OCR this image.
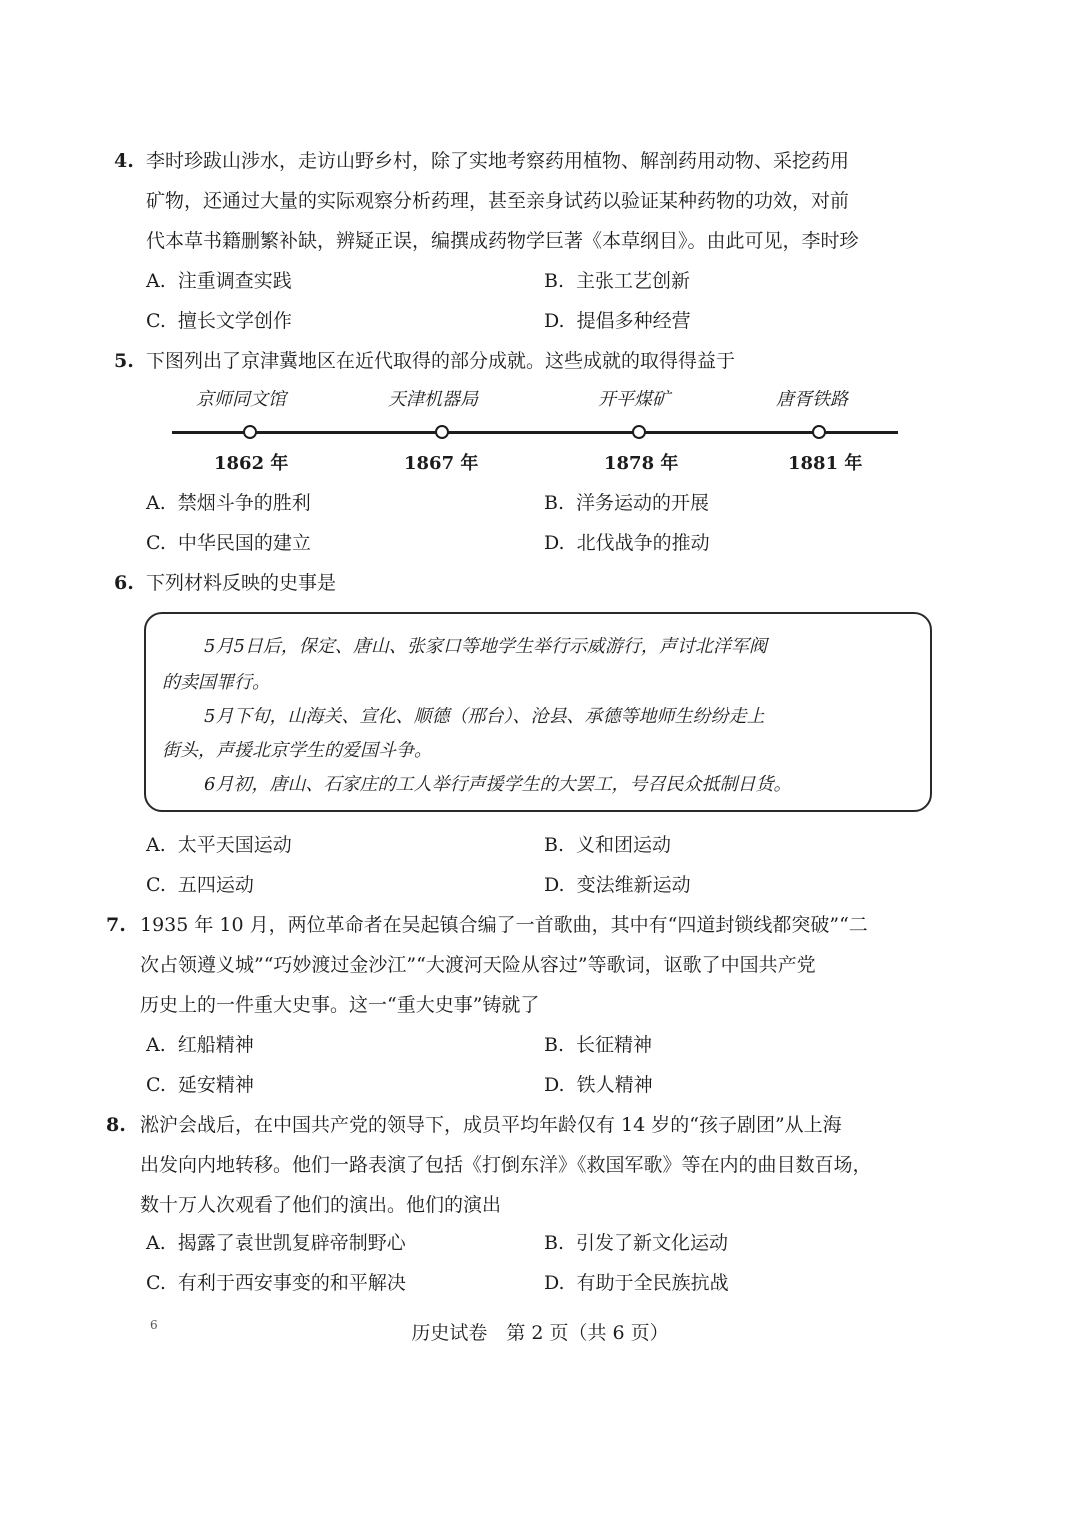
4. 李时珍跋山涉水，走访山野乡村，除了实地考察药用植物、解剖药用动物、采挖药用
矿物，还通过大量的实际观察分析药理，甚至亲身试药以验证某种药物的功效，对前
代本草书籍删繁补缺，辨疑正误，编撰成药物学巨著《本草纲目》。由此可见，李时珍
A. 注重调查实践	B. 主张工艺创新
C. 擅长文学创作	D. 提倡多种经营
5. 下图列出了京津冀地区在近代取得的部分成就。这些成就的取得得益于
京师同文馆	天津机器局	开平煤矿	唐胥铁路
1862 年	1867 年	1878 年	1881 年
A. 禁烟斗争的胜利	B. 洋务运动的开展
C. 中华民国的建立	D. 北伐战争的推动
6. 下列材料反映的史事是
5月5日后，保定、唐山、张家口等地学生举行示威游行，声讨北洋军阀
的卖国罪行。
5月下旬，山海关、宣化、顺德（邢台）、沧县、承德等地师生纷纷走上
街头，声援北京学生的爱国斗争。
6月初，唐山、石家庄的工人举行声援学生的大罢工，号召民众抵制日货。
A. 太平天国运动	B. 义和团运动
C. 五四运动	D. 变法维新运动
7. 1935 年 10 月，两位革命者在吴起镇合编了一首歌曲，其中有“四道封锁线都突破”“二
次占领遵义城”“巧妙渡过金沙江”“大渡河天险从容过”等歌词，讴歌了中国共产党
历史上的一件重大史事。这一“重大史事”铸就了
A. 红船精神	B. 长征精神
C. 延安精神	D. 铁人精神
8. 淞沪会战后，在中国共产党的领导下，成员平均年龄仅有 14 岁的“孩子剧团”从上海
出发向内地转移。他们一路表演了包括《打倒东洋》《救国军歌》等在内的曲目数百场，
数十万人次观看了他们的演出。他们的演出
A. 揭露了袁世凯复辟帝制野心	B. 引发了新文化运动
C. 有利于西安事变的和平解决	D. 有助于全民族抗战
6	历史试卷　第 2 页（共 6 页）
